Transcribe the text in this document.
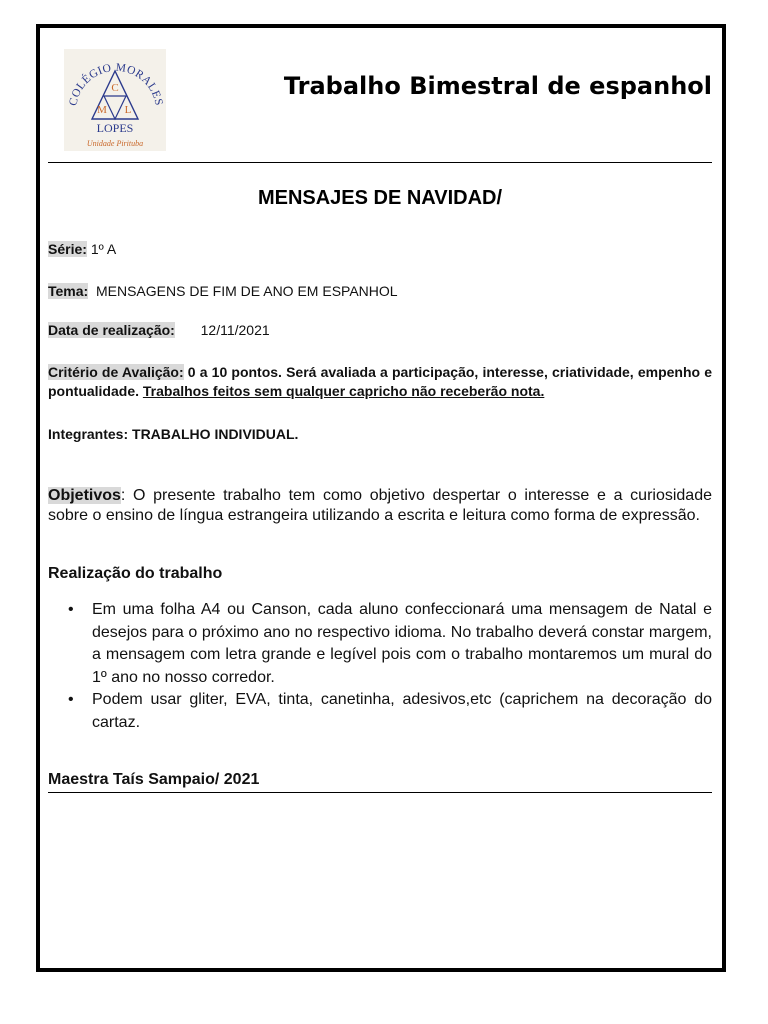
COLÉGIO MORALES
C
M L
LOPES
Unidade Pirituba
Trabalho Bimestral de espanhol
MENSAJES DE NAVIDAD/
Série: 1º A
Tema: MENSAGENS DE FIM DE ANO EM ESPANHOL
Data de realização: 12/11/2021
Critério de Avalição: 0 a 10 pontos. Será avaliada a participação, interesse, criatividade, empenho e pontualidade. Trabalhos feitos sem qualquer capricho não receberão nota.
Integrantes: TRABALHO INDIVIDUAL.
Objetivos: O presente trabalho tem como objetivo despertar o interesse e a curiosidade sobre o ensino de língua estrangeira utilizando a escrita e leitura como forma de expressão.
Realização do trabalho
• Em uma folha A4 ou Canson, cada aluno confeccionará uma mensagem de Natal e desejos para o próximo ano no respectivo idioma. No trabalho deverá constar margem, a mensagem com letra grande e legível pois com o trabalho montaremos um mural do 1º ano no nosso corredor.
• Podem usar gliter, EVA, tinta, canetinha, adesivos,etc (caprichem na decoração do cartaz.
Maestra Taís Sampaio/ 2021
